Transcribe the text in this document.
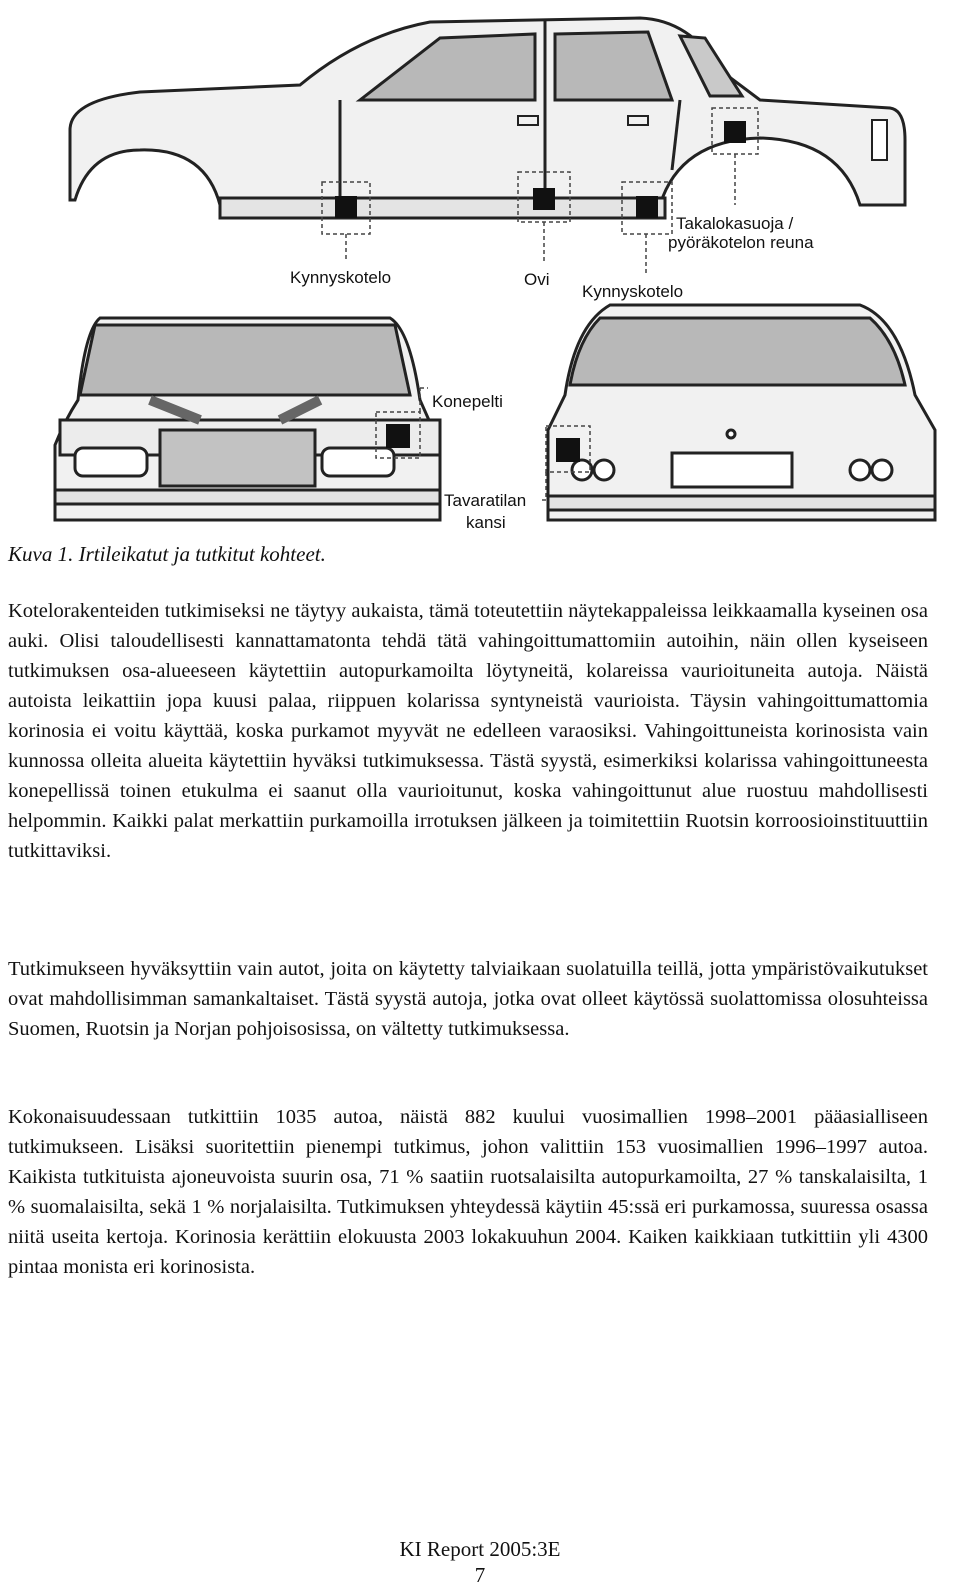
Kynnyskotelo	Ovi
Kynnyskotelo
Takalokasuoja /
pyöräkotelon reuna
Konepelti
Tavaratilan
kansi
Kuva 1. Irtileikatut ja tutkitut kohteet.

Kotelorakenteiden tutkimiseksi ne täytyy aukaista, tämä toteutettiin näytekappaleissa leikkaamalla kyseinen osa auki. Olisi taloudellisesti kannattamatonta tehdä tätä vahingoittumattomiin autoihin, näin ollen kyseiseen tutkimuksen osa-alueeseen käytettiin autopurkamoilta löytyneitä, kolareissa vaurioituneita autoja. Näistä autoista leikattiin jopa kuusi palaa, riippuen kolarissa syntyneistä vaurioista. Täysin vahingoittumattomia korinosia ei voitu käyttää, koska purkamot myyvät ne edelleen varaosiksi. Vahingoittuneista korinosista vain kunnossa olleita alueita käytettiin hyväksi tutkimuksessa. Tästä syystä, esimerkiksi kolarissa vahingoittuneesta konepellissä toinen etukulma ei saanut olla vaurioitunut, koska vahingoittunut alue ruostuu mahdollisesti helpommin. Kaikki palat merkattiin purkamoilla irrotuksen jälkeen ja toimitettiin Ruotsin korroosioinstituuttiin tutkittaviksi.

Tutkimukseen hyväksyttiin vain autot, joita on käytetty talviaikaan suolatuilla teillä, jotta ympäristövaikutukset ovat mahdollisimman samankaltaiset. Tästä syystä autoja, jotka ovat olleet käytössä suolattomissa olosuhteissa Suomen, Ruotsin ja Norjan pohjoisosissa, on vältetty tutkimuksessa.

Kokonaisuudessaan tutkittiin 1035 autoa, näistä 882 kuului vuosimallien 1998–2001 pääasialliseen tutkimukseen. Lisäksi suoritettiin pienempi tutkimus, johon valittiin 153 vuosimallien 1996–1997 autoa. Kaikista tutkituista ajoneuvoista suurin osa, 71 % saatiin ruotsalaisilta autopurkamoilta, 27 % tanskalaisilta, 1 % suomalaisilta, sekä 1 % norjalaisilta. Tutkimuksen yhteydessä käytiin 45:ssä eri purkamossa, suuressa osassa niitä useita kertoja. Korinosia kerättiin elokuusta 2003 lokakuuhun 2004. Kaiken kaikkiaan tutkittiin yli 4300 pintaa monista eri korinosista.

KI Report 2005:3E
7
